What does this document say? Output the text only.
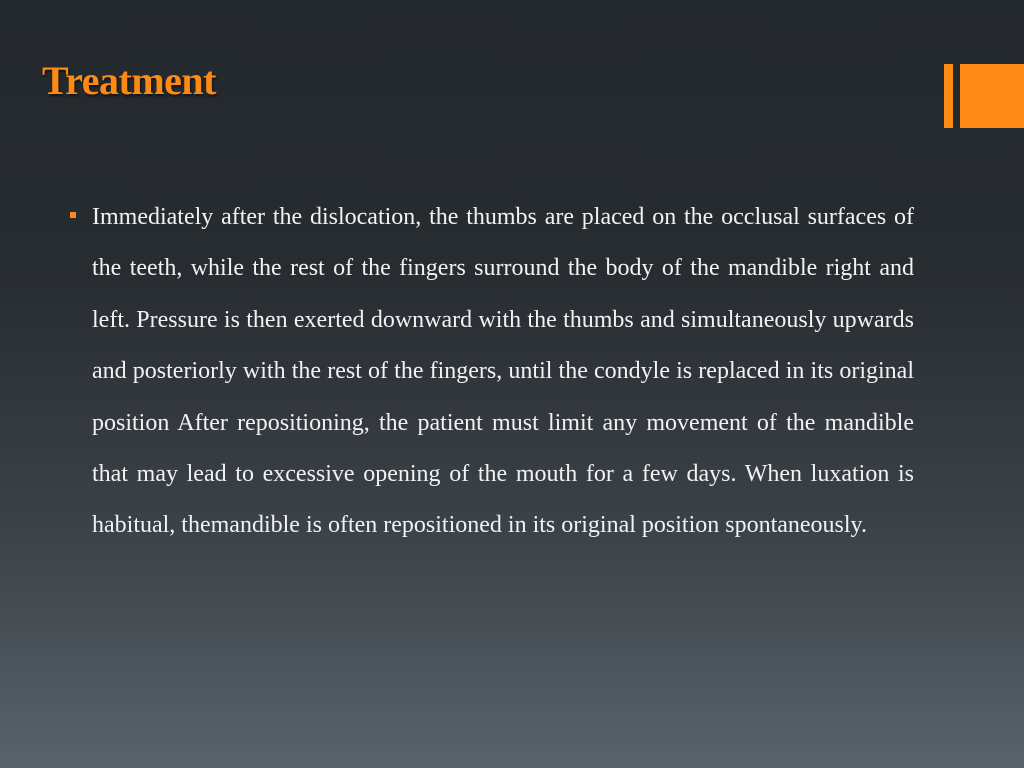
Treatment

Immediately after the dislocation, the thumbs are placed on the occlusal surfaces of the teeth, while the rest of the fingers surround the body of the mandible right and left. Pressure is then exerted downward with the thumbs and simultaneously upwards and posteriorly with the rest of the fingers, until the condyle is replaced in its original position After repositioning, the patient must limit any movement of the mandible that may lead to excessive opening of the mouth for a few days. When luxation is habitual, themandible is often repositioned in its original position spontaneously.
